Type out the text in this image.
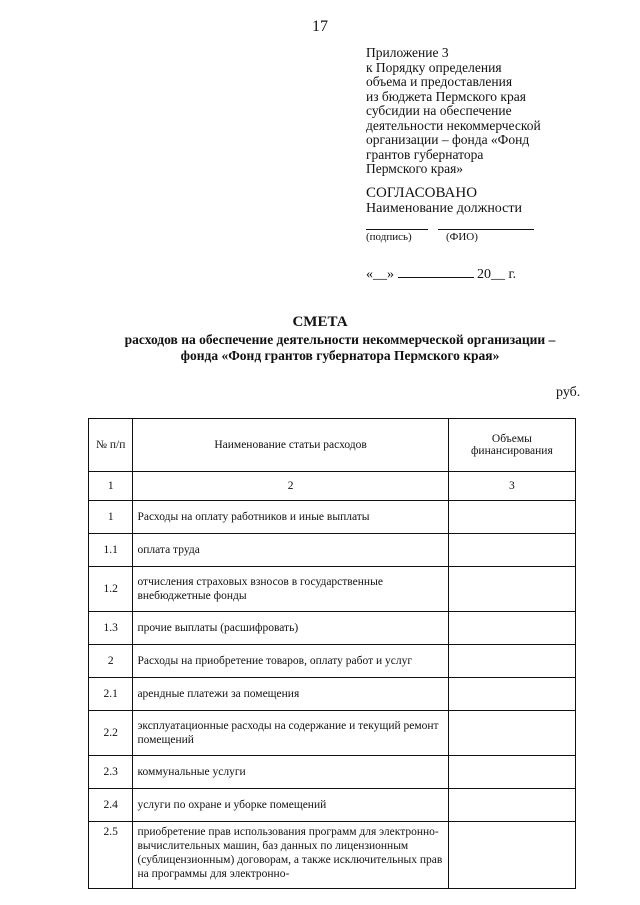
17
Приложение 3
к Порядку определения
объема и предоставления
из бюджета Пермского края
субсидии на обеспечение
деятельности некоммерческой
организации – фонда «Фонд
грантов губернатора
Пермского края»
СОГЛАСОВАНО
Наименование должности
(подпись)	(ФИО)
«__»	20__ г.
СМЕТА
расходов на обеспечение деятельности некоммерческой организации –
фонда «Фонд грантов губернатора Пермского края»
руб.
№ п/п	Наименование статьи расходов	Объемы финансирования
1	2	3
1	Расходы на оплату работников и иные выплаты	
1.1	оплата труда	
1.2	отчисления страховых взносов в государственные внебюджетные фонды	
1.3	прочие выплаты (расшифровать)	
2	Расходы на приобретение товаров, оплату работ и услуг	
2.1	арендные платежи за помещения	
2.2	эксплуатационные расходы на содержание и текущий ремонт помещений	
2.3	коммунальные услуги	
2.4	услуги по охране и уборке помещений	
2.5	приобретение прав использования программ для электронно-вычислительных машин, баз данных по лицензионным (сублицензионным) договорам, а также исключительных прав на программы для электронно-	
